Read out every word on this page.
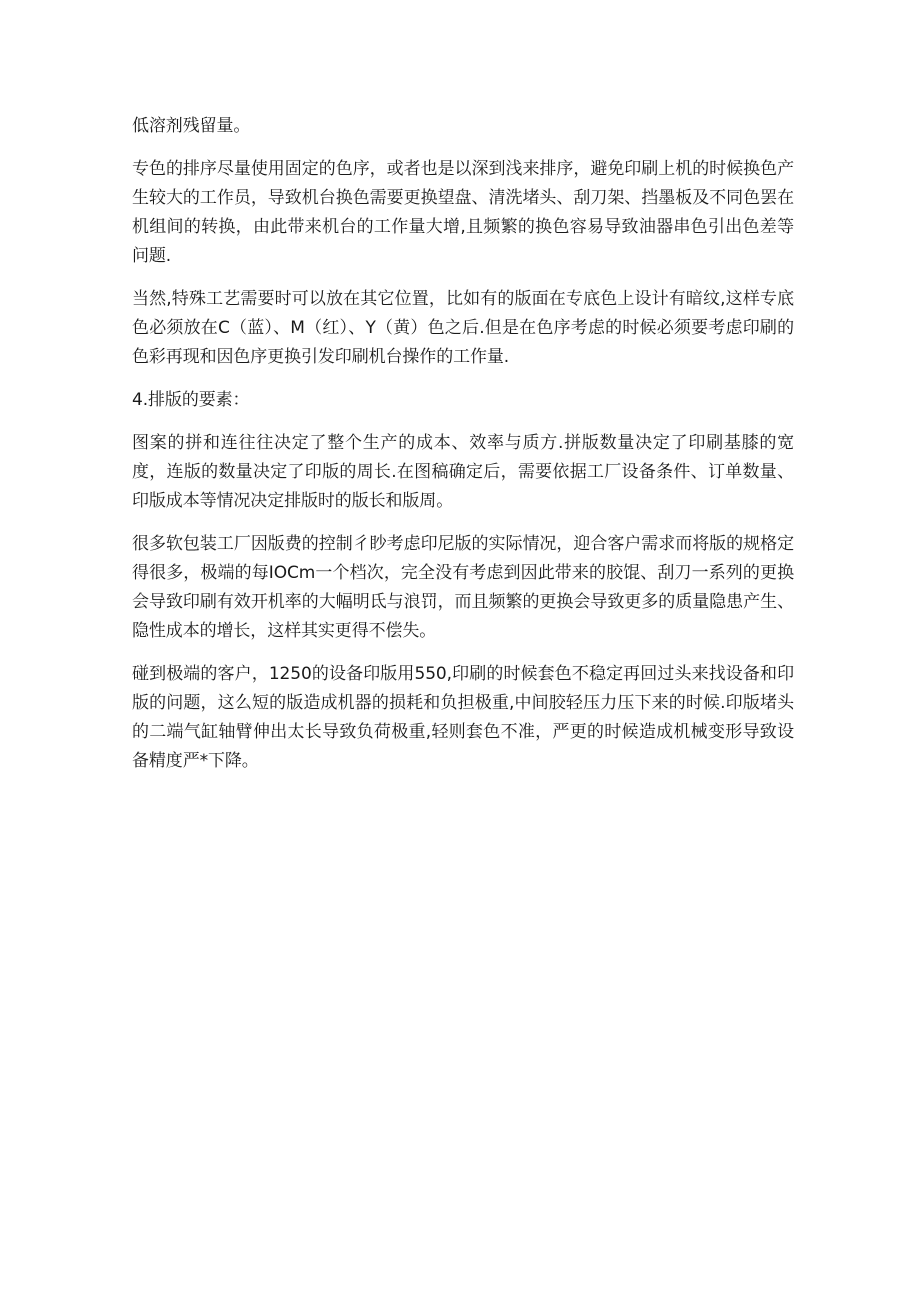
低溶剂残留量。

专色的排序尽量使用固定的色序，或者也是以深到浅来排序，避免印刷上机的时候换色产生较大的工作员，导致机台换色需要更换望盘、清洗堵头、刮刀架、挡墨板及不同色罢在机组间的转换，由此带来机台的工作量大增,且频繁的换色容易导致油器串色引出色差等问题.

当然,特殊工艺需要时可以放在其它位置，比如有的版面在专底色上设计有暗纹,这样专底色必须放在C（蓝）、M（红）、Y（黄）色之后.但是在色序考虑的时候必须要考虑印刷的色彩再现和因色序更换引发印刷机台操作的工作量.

4.排版的要素：

图案的拼和连往往决定了整个生产的成本、效率与质方.拼版数量决定了印刷基膝的宽度，连版的数量决定了印版的周长.在图稿确定后，需要依据工厂设备条件、订单数量、印版成本等情况决定排版时的版长和版周。

很多软包装工厂因版费的控制彳眇考虑印尼版的实际情况，迎合客户需求而将版的规格定得很多，极端的每IOCm一个档次，完全没有考虑到因此带来的胶馄、刮刀一系列的更换会导致印刷有效开机率的大幅明氐与浪罚，而且频繁的更换会导致更多的质量隐患产生、隐性成本的增长，这样其实更得不偿失。

碰到极端的客户，1250的设备印版用550,印刷的时候套色不稳定再回过头来找设备和印版的问题，这么短的版造成机器的损耗和负担极重,中间胶轻压力压下来的时候.印版堵头的二端气缸轴臂伸出太长导致负荷极重,轻则套色不准，严更的时候造成机械变形导致设备精度严*下降。
